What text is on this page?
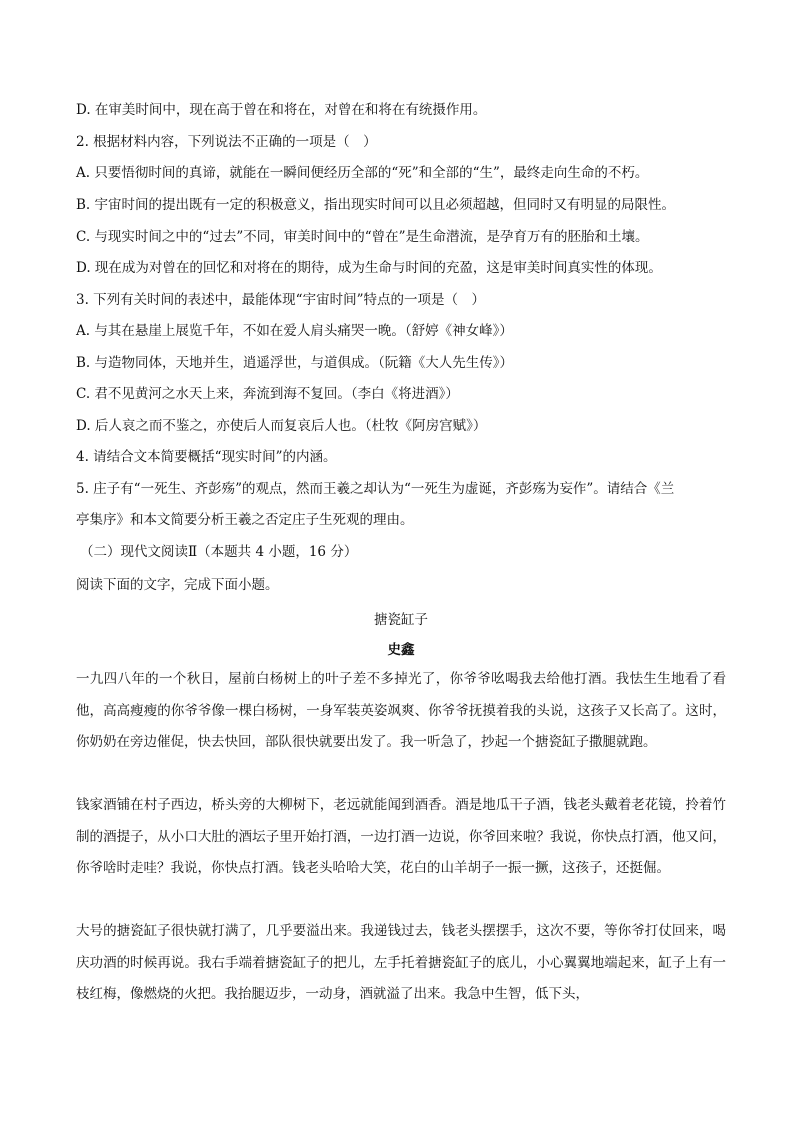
D. 在审美时间中，现在高于曾在和将在，对曾在和将在有统摄作用。
2. 根据材料内容，下列说法不正确的一项是（　）
A. 只要悟彻时间的真谛，就能在一瞬间便经历全部的“死”和全部的“生”，最终走向生命的不朽。
B. 宇宙时间的提出既有一定的积极意义，指出现实时间可以且必须超越，但同时又有明显的局限性。
C. 与现实时间之中的“过去”不同，审美时间中的“曾在”是生命潜流，是孕育万有的胚胎和土壤。
D. 现在成为对曾在的回忆和对将在的期待，成为生命与时间的充盈，这是审美时间真实性的体现。
3. 下列有关时间的表述中，最能体现“宇宙时间”特点的一项是（　）
A. 与其在悬崖上展览千年，不如在爱人肩头痛哭一晚。（舒婷《神女峰》）
B. 与造物同体，天地并生，逍遥浮世，与道俱成。（阮籍《大人先生传》）
C. 君不见黄河之水天上来，奔流到海不复回。（李白《将进酒》）
D. 后人哀之而不鉴之，亦使后人而复哀后人也。（杜牧《阿房宫赋》）
4. 请结合文本简要概括“现实时间”的内涵。
5. 庄子有“一死生、齐彭殇”的观点，然而王羲之却认为“一死生为虚诞，齐彭殇为妄作”。请结合《兰
亭集序》和本文简要分析王羲之否定庄子生死观的理由。
（二）现代文阅读Ⅱ（本题共 4 小题，16 分）
阅读下面的文字，完成下面小题。
搪瓷缸子
史鑫
一九四八年的一个秋日，屋前白杨树上的叶子差不多掉光了，你爷爷吆喝我去给他打酒。我怯生生地看了看他，高高瘦瘦的你爷爷像一棵白杨树，一身军装英姿飒爽、你爷爷抚摸着我的头说，这孩子又长高了。这时，你奶奶在旁边催促，快去快回，部队很快就要出发了。我一听急了，抄起一个搪瓷缸子撒腿就跑。
钱家酒铺在村子西边，桥头旁的大柳树下，老远就能闻到酒香。酒是地瓜干子酒，钱老头戴着老花镜，拎着竹制的酒提子，从小口大肚的酒坛子里开始打酒，一边打酒一边说，你爷回来啦？我说，你快点打酒，他又问，你爷啥时走哇？我说，你快点打酒。钱老头哈哈大笑，花白的山羊胡子一振一撅，这孩子，还挺倔。
大号的搪瓷缸子很快就打满了，几乎要溢出来。我递钱过去，钱老头摆摆手，这次不要，等你爷打仗回来，喝庆功酒的时候再说。我右手端着搪瓷缸子的把儿，左手托着搪瓷缸子的底儿，小心翼翼地端起来，缸子上有一枝红梅，像燃烧的火把。我抬腿迈步，一动身，酒就溢了出来。我急中生智，低下头，
